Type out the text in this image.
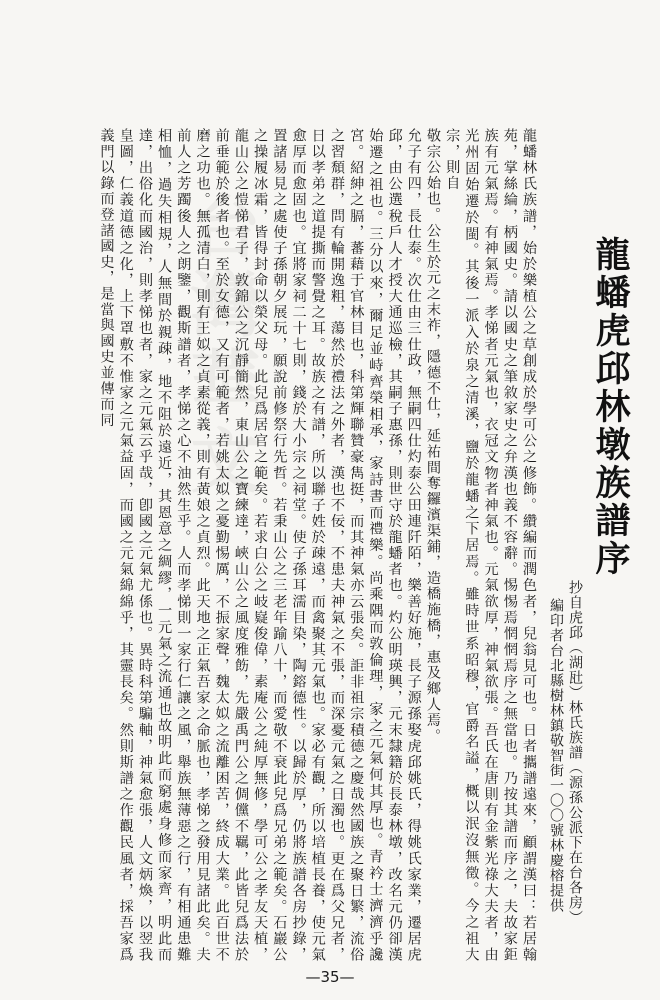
龍蟠虎邱林墩族譜序
抄自虎邱（湖瓧）林氏族譜（源孫公派下在台各房）
編印者台北縣樹林鎮敬智街一〇〇號林慶榕提供

龍蟠林氏族譜，始於樂植公之草創成於學可公之修飾。纘編而潤色者，兒翁見可也。日者攜譜遠來，顧謂漢曰：若居翰苑，掌絲綸，柄國史。請以國史之筆敘家史之弁漢也義不容辭。惕惕焉惘惘焉序之無當也。乃按其譜而序之，夫故家鉅族有元氣焉。有神氣焉。孝悌者元氣也，衣冠文物者神氣也。元氣欲厚，神氣欲張。吾氏在唐則有金紫光祿大夫者，由光州固始遷於閩。其後一派入於泉之清溪，鹽於龍蟠之下居焉。雖時世系昭穆，官爵名謚，概以泯沒無徵。今之祖大宗，則自

敬宗公始也。公生於元之末祚，隱德不仕，延祐間奪鑼濱渠鋪，造橋施橋，惠及鄉人焉。

允子有四，長仕泰。次仕由三仕政，無嗣四仕灼泰公田連阡陌，樂善好施，長子源孫娶虎邱姚氏，得姚氏家業，遷居虎邱，由公選稅戶人才授大通巡檢，其嗣子惠孫，則世守於龍蟠者也。灼公明瑛興，元末隸籍於長泰林墩，改名元仍卻漢始遷之祖也。三分以來，爾足並峙齊榮相承，家詩書而禮樂。尚乘隅而敦倫理，家之元氣何其厚也。青衿士濟濟乎讒宮。紹紳之膈，蕃藉于官林目也，科第輝聯贊豪雋挺，而其神氣亦云張矣。詎非祖宗積德之慶哉然國族之聚日繁，流俗之習頹群，問有輪開逸粗，蕩然於禮法之外者，漢也不佞，不患夫神氣之不張，而深憂元氣之日濁也。更在爲父兄者，日以孝弟之道提撕而警覺之耳。故族之有譜，所以聯子姓於疎遠，而禽聚其元氣也。家必有觀，所以培植長養，使元氣愈厚而愈固也。宜將家祠二十七則，錢於大小宗之祠堂。使子孫耳濡目染，陶鎔德性。以歸於厚，仍將族譜各房抄錄，置諸易見之處使子孫朝夕展玩，願說前修祭行先哲。若秉山公之三老年踰八十，而愛敬不衰此兒爲兄弟之範矣。石巖公之操履冰霜，皆得封命以榮父母。此兒爲居官之範矣。若求白公之岐嶷俊偉，素庵公之純厚無修，學可公之孝友天植，龍山公之愷悌君子，敦錦公之沉靜簡然，東山公之寶練達，峽山公之風度雅飭，先嚴禹門公之倜儻不羈，此皆兒爲法於前垂範於後者也。至於女德，又有可範者，若姚太姒之憂勤惕厲，不振家聲，魏太姒之流離困苦，終成大業。此百世不磨之功也。無孤清白，則有王姒之貞素從義，則有黃娘之貞烈。此天地之正氣吾家之命脈也，孝悌之發用見諸此矣。夫前人之芳躅後人之朗鑒，觀斯譜者，孝悌之心不油然生乎。人而孝悌則一家行仁讓之風，舉族無薄惡之行，有相通患難相恤，過失相規，人無間於親疎，地不阻於遠近，其恩意之綢繆，一元氣之流通也故明此而窮處身修而家齊，明此而達，出俗化而國治，則孝悌也者，家之元氣云乎哉，卽國之元氣尤係也。異時科第騙軸，神氣愈張，人文炳煥，以翌我皇圖，仁義道德之化，上下罩敷不惟家之元氣益固，而國之元氣綿綿乎，其靈長矣。然則斯譜之作觀民風者，採吾家爲義門以錄而登諸國史，是當與國史並傳而同

—35—
